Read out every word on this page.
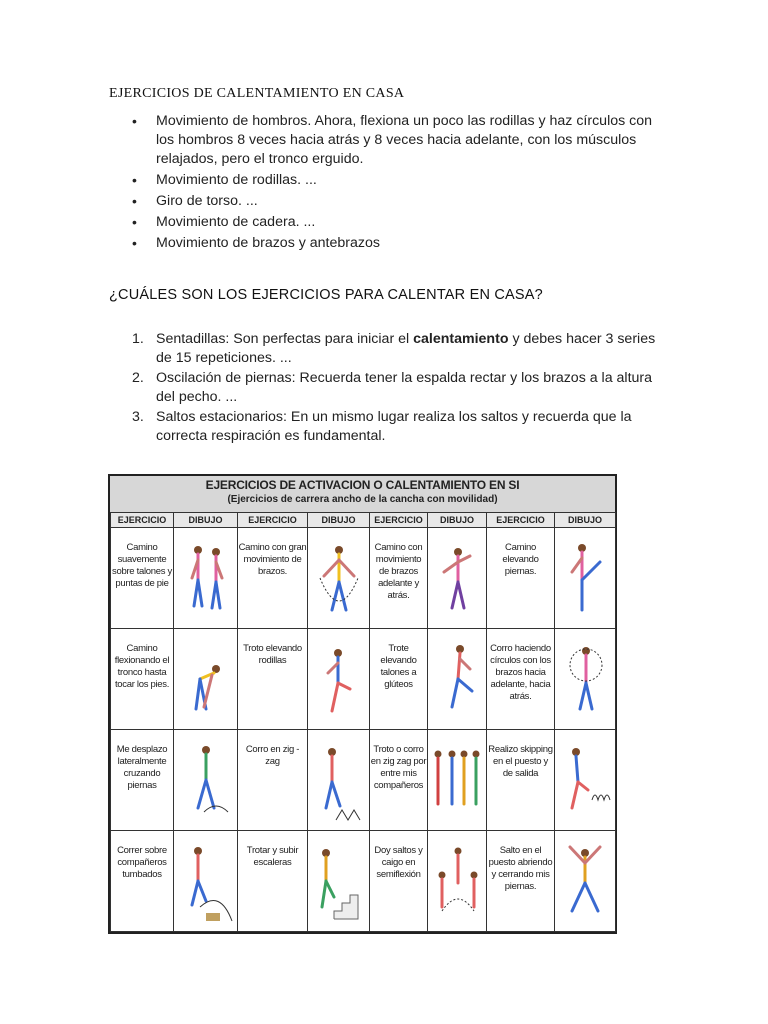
EJERCICIOS DE CALENTAMIENTO EN CASA
• Movimiento de hombros. Ahora, flexiona un poco las rodillas y haz círculos con los hombros 8 veces hacia atrás y 8 veces hacia adelante, con los músculos relajados, pero el tronco erguido.
• Movimiento de rodillas. ...
• Giro de torso. ...
• Movimiento de cadera. ...
• Movimiento de brazos y antebrazos
¿CUÁLES SON LOS EJERCICIOS PARA CALENTAR EN CASA?
1. Sentadillas: Son perfectas para iniciar el calentamiento y debes hacer 3 series de 15 repeticiones. ...
2. Oscilación de piernas: Recuerda tener la espalda rectar y los brazos a la altura del pecho. ...
3. Saltos estacionarios: En un mismo lugar realiza los saltos y recuerda que la correcta respiración es fundamental.
EJERCICIOS DE ACTIVACION O CALENTAMIENTO EN SI
(Ejercicios de carrera ancho de la cancha con movilidad)
EJERCICIO	DIBUJO	EJERCICIO	DIBUJO	EJERCICIO	DIBUJO	EJERCICIO	DIBUJO

Camino suavemente sobre talones y puntas de pie		Camino con gran movimiento de brazos.		Camino con movimiento de brazos adelante y atrás.		Camino elevando piernas.

Camino flexionando el tronco hasta tocar los pies.		Troto elevando rodillas		Trote elevando talones a glúteos		Corro haciendo círculos con los brazos hacia adelante, hacia atrás.

Me desplazo lateralmente cruzando piernas		Corro en zig - zag		Troto o corro en zig zag por entre mis compañeros		Realizo skipping en el puesto y de salida

Correr sobre compañeros tumbados		Trotar y subir escaleras		Doy saltos y caigo en semiflexión		Salto en el puesto abriendo y cerrando mis piernas.
